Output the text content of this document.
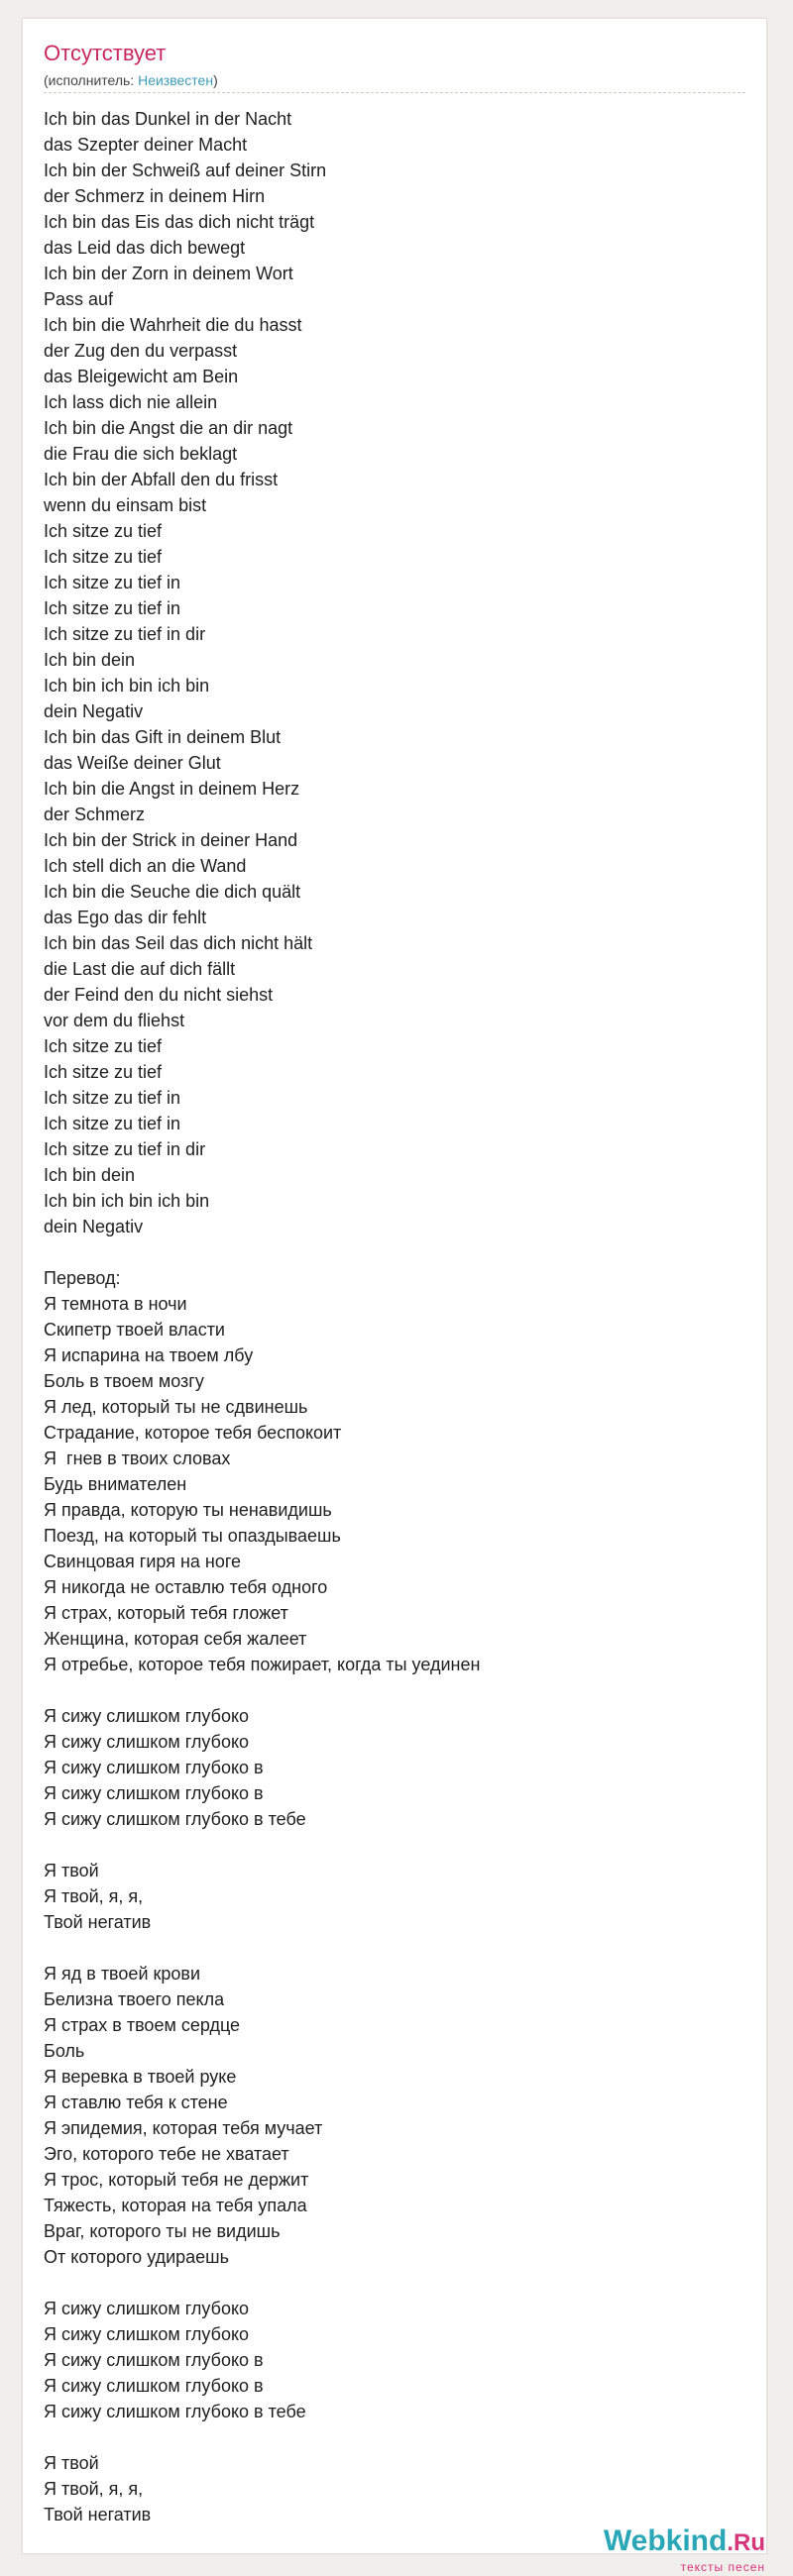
Отсутствует
(исполнитель: Неизвестен)
Ich bin das Dunkel in der Nacht
das Szepter deiner Macht
Ich bin der Schweiß auf deiner Stirn
der Schmerz in deinem Hirn
Ich bin das Eis das dich nicht trägt
das Leid das dich bewegt
Ich bin der Zorn in deinem Wort
Pass auf
Ich bin die Wahrheit die du hasst
der Zug den du verpasst
das Bleigewicht am Bein
Ich lass dich nie allein
Ich bin die Angst die an dir nagt
die Frau die sich beklagt
Ich bin der Abfall den du frisst
wenn du einsam bist
Ich sitze zu tief
Ich sitze zu tief
Ich sitze zu tief in
Ich sitze zu tief in
Ich sitze zu tief in dir
Ich bin dein
Ich bin ich bin ich bin
dein Negativ
Ich bin das Gift in deinem Blut
das Weiße deiner Glut
Ich bin die Angst in deinem Herz
der Schmerz
Ich bin der Strick in deiner Hand
Ich stell dich an die Wand
Ich bin die Seuche die dich quält
das Ego das dir fehlt
Ich bin das Seil das dich nicht hält
die Last die auf dich fällt
der Feind den du nicht siehst
vor dem du fliehst
Ich sitze zu tief
Ich sitze zu tief
Ich sitze zu tief in
Ich sitze zu tief in
Ich sitze zu tief in dir
Ich bin dein
Ich bin ich bin ich bin
dein Negativ
Перевод:
Я темнота в ночи
Скипетр твоей власти
Я испарина на твоем лбу
Боль в твоем мозгу
Я лед, который ты не сдвинешь
Страдание, которое тебя беспокоит
Я  гнев в твоих словах
Будь внимателен
Я правда, которую ты ненавидишь
Поезд, на который ты опаздываешь
Свинцовая гиря на ноге
Я никогда не оставлю тебя одного
Я страх, который тебя гложет
Женщина, которая себя жалеет
Я отребье, которое тебя пожирает, когда ты уединен
Я сижу слишком глубоко
Я сижу слишком глубоко
Я сижу слишком глубоко в
Я сижу слишком глубоко в
Я сижу слишком глубоко в тебе
Я твой
Я твой, я, я,
Твой негатив
Я яд в твоей крови
Белизна твоего пекла
Я страх в твоем сердце
Боль
Я веревка в твоей руке
Я ставлю тебя к стене
Я эпидемия, которая тебя мучает
Эго, которого тебе не хватает
Я трос, который тебя не держит
Тяжесть, которая на тебя упала
Враг, которого ты не видишь
От которого удираешь
Я сижу слишком глубоко
Я сижу слишком глубоко
Я сижу слишком глубоко в
Я сижу слишком глубоко в
Я сижу слишком глубоко в тебе
Я твой
Я твой, я, я,
Твой негатив
Webkind.Ru
тексты песен
